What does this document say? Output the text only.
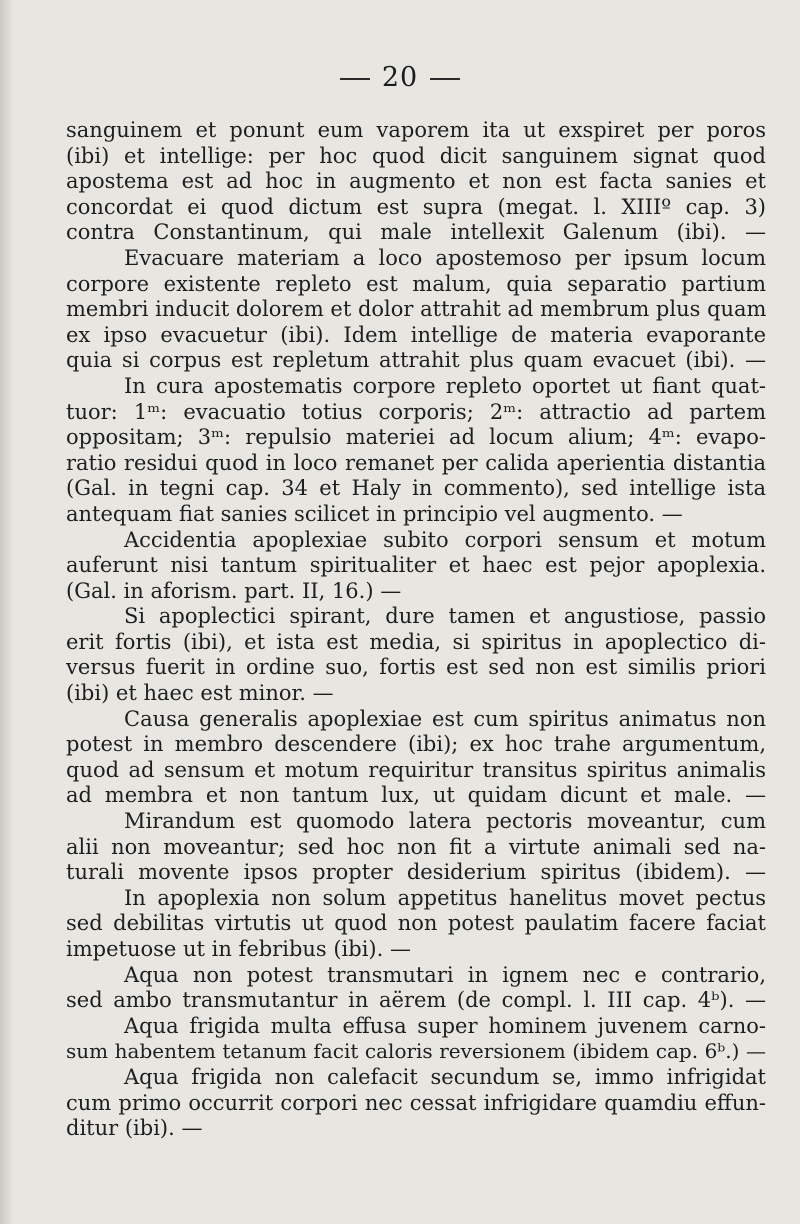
20
sanguinem et ponunt eum vaporem ita ut exspiret per poros
(ibi) et intellige: per hoc quod dicit sanguinem signat quod
apostema est ad hoc in augmento et non est facta sanies et
concordat ei quod dictum est supra (megat. l. XIIIº cap. 3)
contra Constantinum, qui male intellexit Galenum (ibi). —
Evacuare materiam a loco apostemoso per ipsum locum
corpore existente repleto est malum, quia separatio partium
membri inducit dolorem et dolor attrahit ad membrum plus quam
ex ipso evacuetur (ibi). Idem intellige de materia evaporante
quia si corpus est repletum attrahit plus quam evacuet (ibi). —
In cura apostematis corpore repleto oportet ut fiant quat-
tuor: 1ᵐ: evacuatio totius corporis; 2ᵐ: attractio ad partem
oppositam; 3ᵐ: repulsio materiei ad locum alium; 4ᵐ: evapo-
ratio residui quod in loco remanet per calida aperientia distantia
(Gal. in tegni cap. 34 et Haly in commento), sed intellige ista
antequam fiat sanies scilicet in principio vel augmento. —
Accidentia apoplexiae subito corpori sensum et motum
auferunt nisi tantum spiritualiter et haec est pejor apoplexia.
(Gal. in aforism. part. II, 16.) —
Si apoplectici spirant, dure tamen et angustiose, passio
erit fortis (ibi), et ista est media, si spiritus in apoplectico di-
versus fuerit in ordine suo, fortis est sed non est similis priori
(ibi) et haec est minor. —
Causa generalis apoplexiae est cum spiritus animatus non
potest in membro descendere (ibi); ex hoc trahe argumentum,
quod ad sensum et motum requiritur transitus spiritus animalis
ad membra et non tantum lux, ut quidam dicunt et male. —
Mirandum est quomodo latera pectoris moveantur, cum
alii non moveantur; sed hoc non fit a virtute animali sed na-
turali movente ipsos propter desiderium spiritus (ibidem). —
In apoplexia non solum appetitus hanelitus movet pectus
sed debilitas virtutis ut quod non potest paulatim facere faciat
impetuose ut in febribus (ibi). —
Aqua non potest transmutari in ignem nec e contrario,
sed ambo transmutantur in aërem (de compl. l. III cap. 4ᵇ). —
Aqua frigida multa effusa super hominem juvenem carno-
sum habentem tetanum facit caloris reversionem (ibidem cap. 6ᵇ.) —
Aqua frigida non calefacit secundum se, immo infrigidat
cum primo occurrit corpori nec cessat infrigidare quamdiu effun-
ditur (ibi). —
